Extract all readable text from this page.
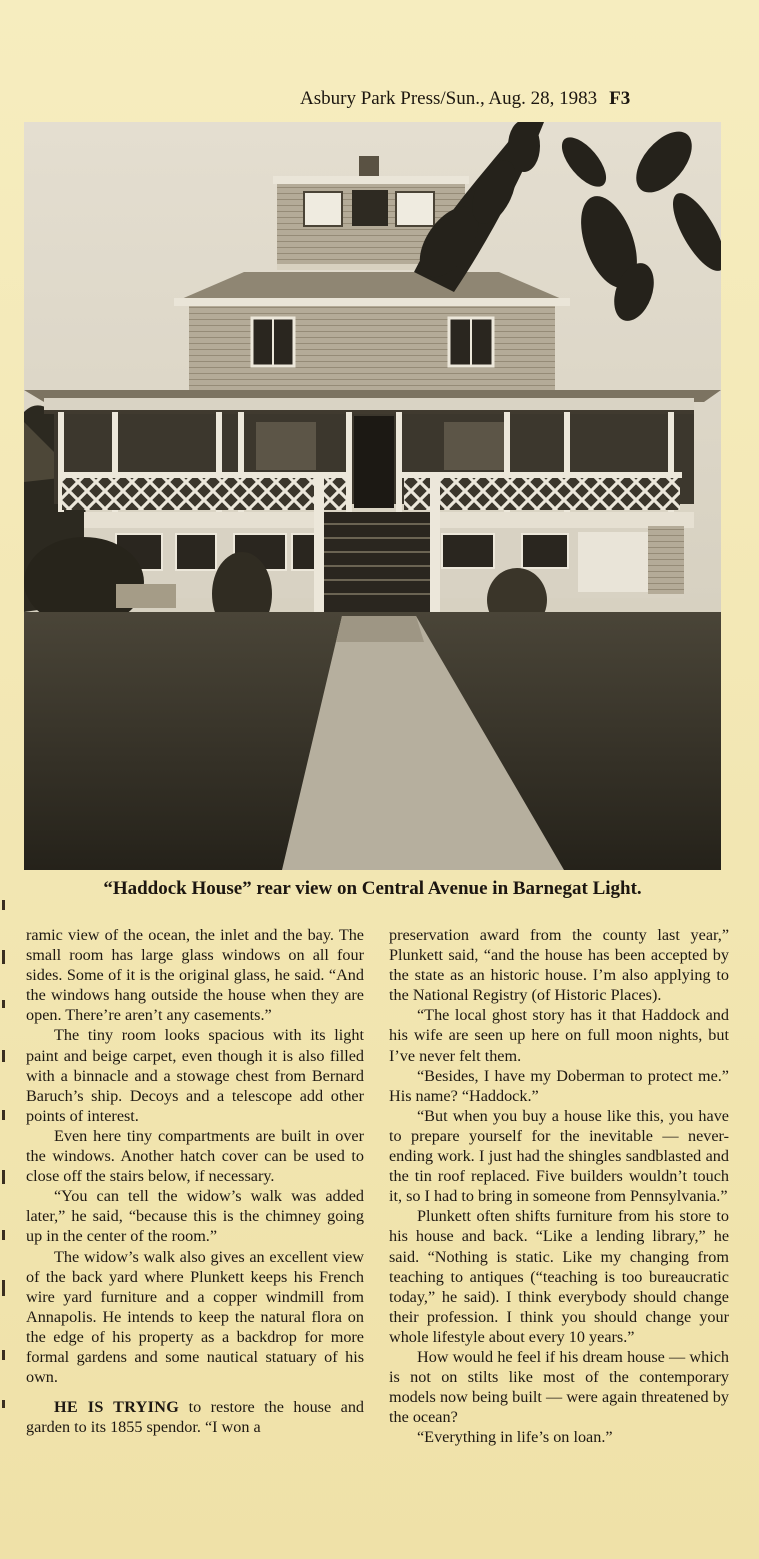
Asbury Park Press/Sun., Aug. 28, 1983 F3
“Haddock House” rear view on Central Avenue in Barnegat Light.

ramic view of the ocean, the inlet and the bay. The small room has large glass windows on all four sides. Some of it is the original glass, he said. “And the windows hang outside the house when they are open. There’re aren’t any casements.”

The tiny room looks spacious with its light paint and beige carpet, even though it is also filled with a binnacle and a stowage chest from Bernard Baruch’s ship. Decoys and a telescope add other points of interest.

Even here tiny compartments are built in over the windows. Another hatch cover can be used to close off the stairs below, if necessary.

“You can tell the widow’s walk was added later,” he said, “because this is the chimney going up in the center of the room.”

The widow’s walk also gives an excellent view of the back yard where Plunkett keeps his French wire yard furniture and a copper windmill from Annapolis. He intends to keep the natural flora on the edge of his property as a backdrop for more formal gardens and some nautical statuary of his own.

HE IS TRYING to restore the house and garden to its 1855 spendor. “I won a

preservation award from the county last year,” Plunkett said, “and the house has been accepted by the state as an historic house. I’m also applying to the National Registry (of Historic Places).

“The local ghost story has it that Haddock and his wife are seen up here on full moon nights, but I’ve never felt them.

“Besides, I have my Doberman to protect me.” His name? “Haddock.”

“But when you buy a house like this, you have to prepare yourself for the inevitable — never-ending work. I just had the shingles sandblasted and the tin roof replaced. Five builders wouldn’t touch it, so I had to bring in someone from Pennsylvania.”

Plunkett often shifts furniture from his store to his house and back. “Like a lending library,” he said. “Nothing is static. Like my changing from teaching to antiques (“teaching is too bureaucratic today,” he said). I think everybody should change their profession. I think you should change your whole lifestyle about every 10 years.”

How would he feel if his dream house — which is not on stilts like most of the contemporary models now being built — were again threatened by the ocean?

“Everything in life’s on loan.”
